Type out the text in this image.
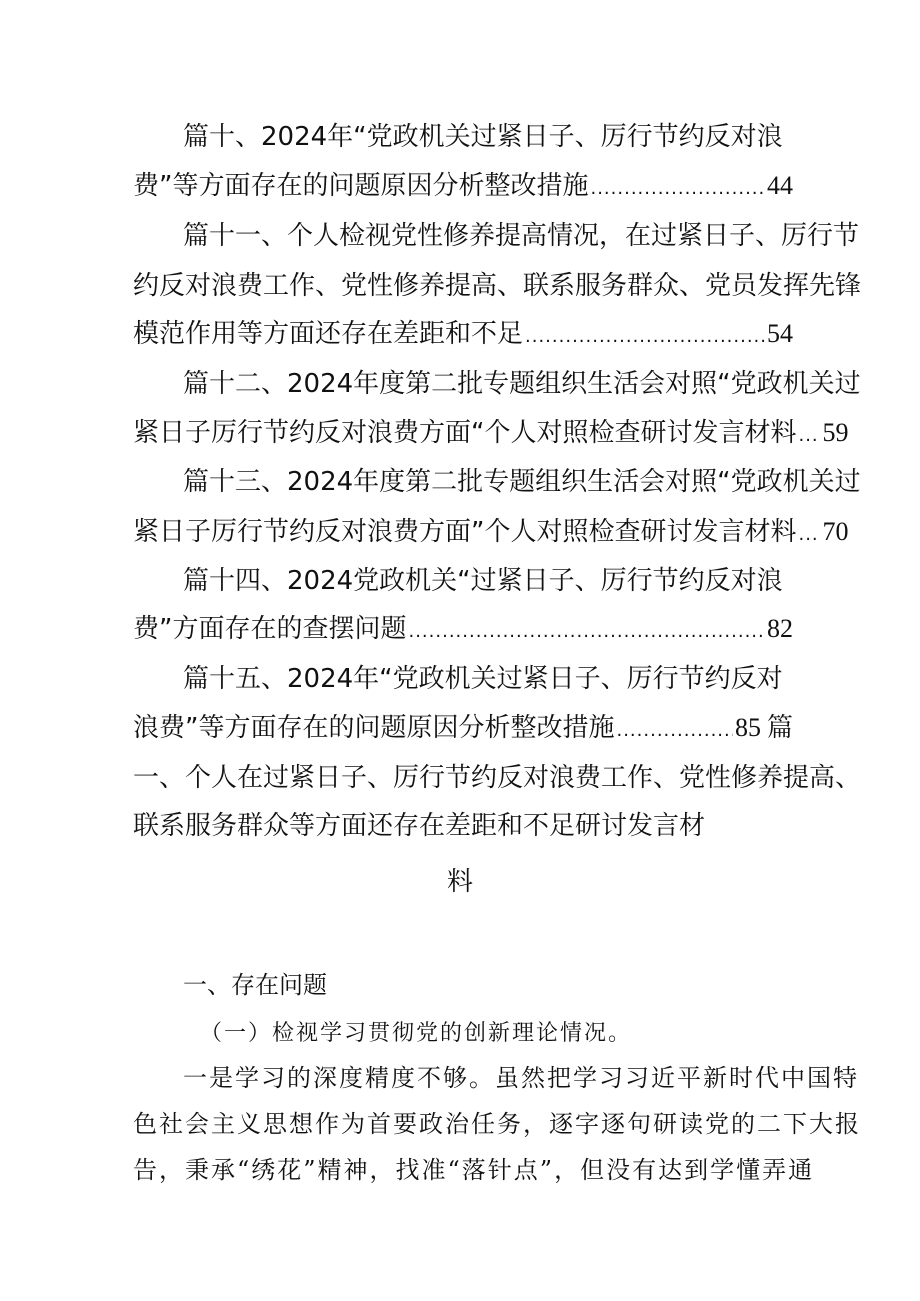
篇十、2024年“党政机关过紧日子、厉行节约反对浪
费”等方面存在的问题原因分析整改措施 .....	44
篇十一、个人检视党性修养提高情况，在过紧日子、厉行节
约反对浪费工作、党性修养提高、联系服务群众、党员发挥先锋
模范作用等方面还存在差距和不足 .....	54
篇十二、2024年度第二批专题组织生活会对照“党政机关过
紧日子厉行节约反对浪费方面“个人对照检查研讨发言材料 ..... 59
篇十三、2024年度第二批专题组织生活会对照“党政机关过
紧日子厉行节约反对浪费方面”个人对照检查研讨发言材料 ..... 70
篇十四、2024党政机关“过紧日子、厉行节约反对浪
费”方面存在的查摆问题 .....	82
篇十五、2024年“党政机关过紧日子、厉行节约反对
浪费”等方面存在的问题原因分析整改措施 .....	85 篇
一、个人在过紧日子、厉行节约反对浪费工作、党性修养提高、
联系服务群众等方面还存在差距和不足研讨发言材
料
一、存在问题
（一）检视学习贯彻党的创新理论情况。
一是学习的深度精度不够。虽然把学习习近平新时代中国特
色社会主义思想作为首要政治任务，逐字逐句研读党的二下大报
告，秉承“绣花”精神，找准“落针点”，但没有达到学懂弄通
